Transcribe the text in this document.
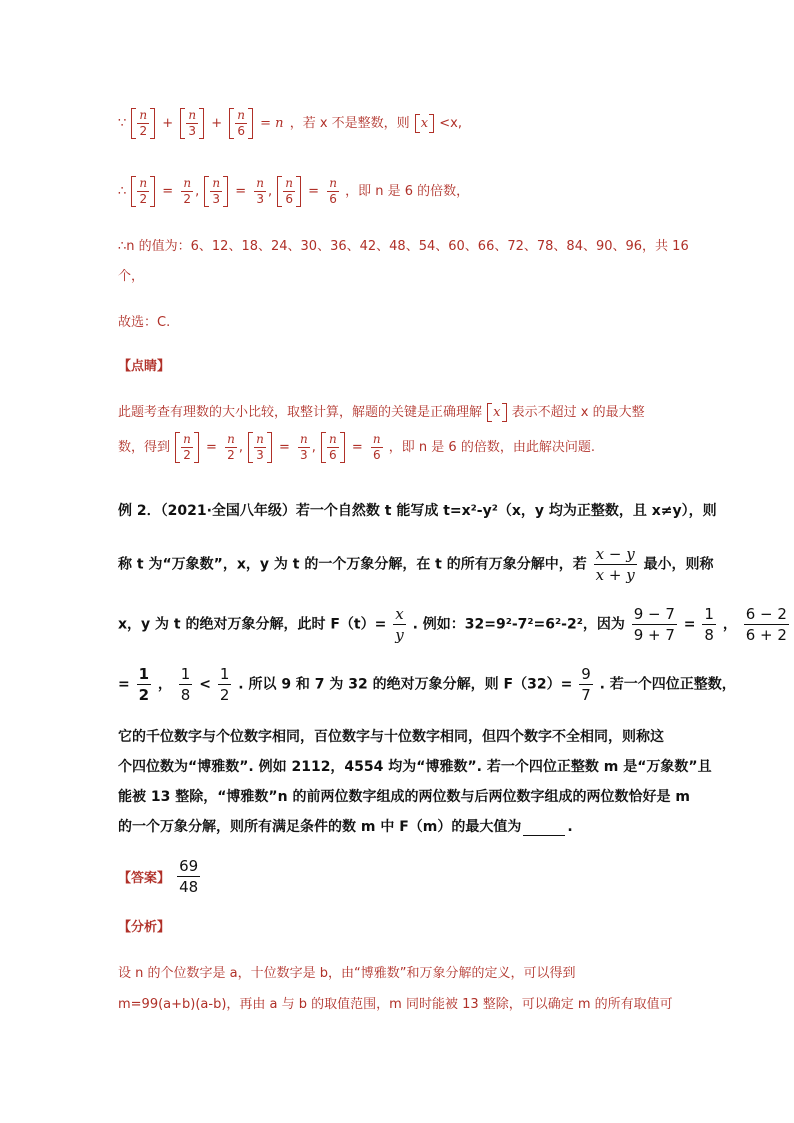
∵ $\frac{n}{2} + \frac{n}{3} + \frac{n}{6} = n$ ，若 x 不是整数，则 x <x,
∴ $\frac{n}{2} = \frac{n}{2}$ , $\frac{n}{3} = \frac{n}{3}$ , $\frac{n}{6} = \frac{n}{6}$ ，即 n 是 6 的倍数，
∴n 的值为：6、12、18、24、30、36、42、48、54、60、66、72、78、84、90、96，共 16
个，
故选：C.
【点睛】
此题考查有理数的大小比较，取整计算，解题的关键是正确理解 x 表示不超过 x 的最大整
数，得到 $\frac{n}{2} = \frac{n}{2}$ , $\frac{n}{3} = \frac{n}{3}$ , $\frac{n}{6} = \frac{n}{6}$ ，即 n 是 6 的倍数，由此解决问题.
例 2．（2021·全国八年级）若一个自然数 t 能写成 t=x²-y²（x，y 均为正整数，且 x≠y），则
称 t 为“万象数”，x，y 为 t 的一个万象分解，在 t 的所有万象分解中，若 $\frac{x - y}{x + y}$ 最小，则称
x，y 为 t 的绝对万象分解，此时 $F(t)= \frac{x}{y}$ . 例如：32=9²-7²=6²-2²，因为 $\frac{9 - 7}{9 + 7} = \frac{1}{8}$ ， $\frac{6 - 2}{6 + 2}$
= $\frac{1}{2}$ ， $\frac{1}{8} < \frac{1}{2}$ . 所以 9 和 7 为 32 的绝对万象分解，则 $F(32)= \frac{9}{7}$ . 若一个四位正整数，
它的千位数字与个位数字相同，百位数字与十位数字相同，但四个数字不全相同，则称这
个四位数为“博雅数”. 例如 2112，4554 均为“博雅数”. 若一个四位正整数 m 是“万象数”且
能被 13 整除，“博雅数”n 的前两位数字组成的两位数与后两位数字组成的两位数恰好是 m
的一个万象分解，则所有满足条件的数 m 中 F（m）的最大值为	.
【答案】 $\frac{69}{48}$
【分析】
设 n 的个位数字是 a，十位数字是 b，由“博雅数”和万象分解的定义，可以得到
m=99(a+b)(a-b)，再由 a 与 b 的取值范围，m 同时能被 13 整除，可以确定 m 的所有取值可
